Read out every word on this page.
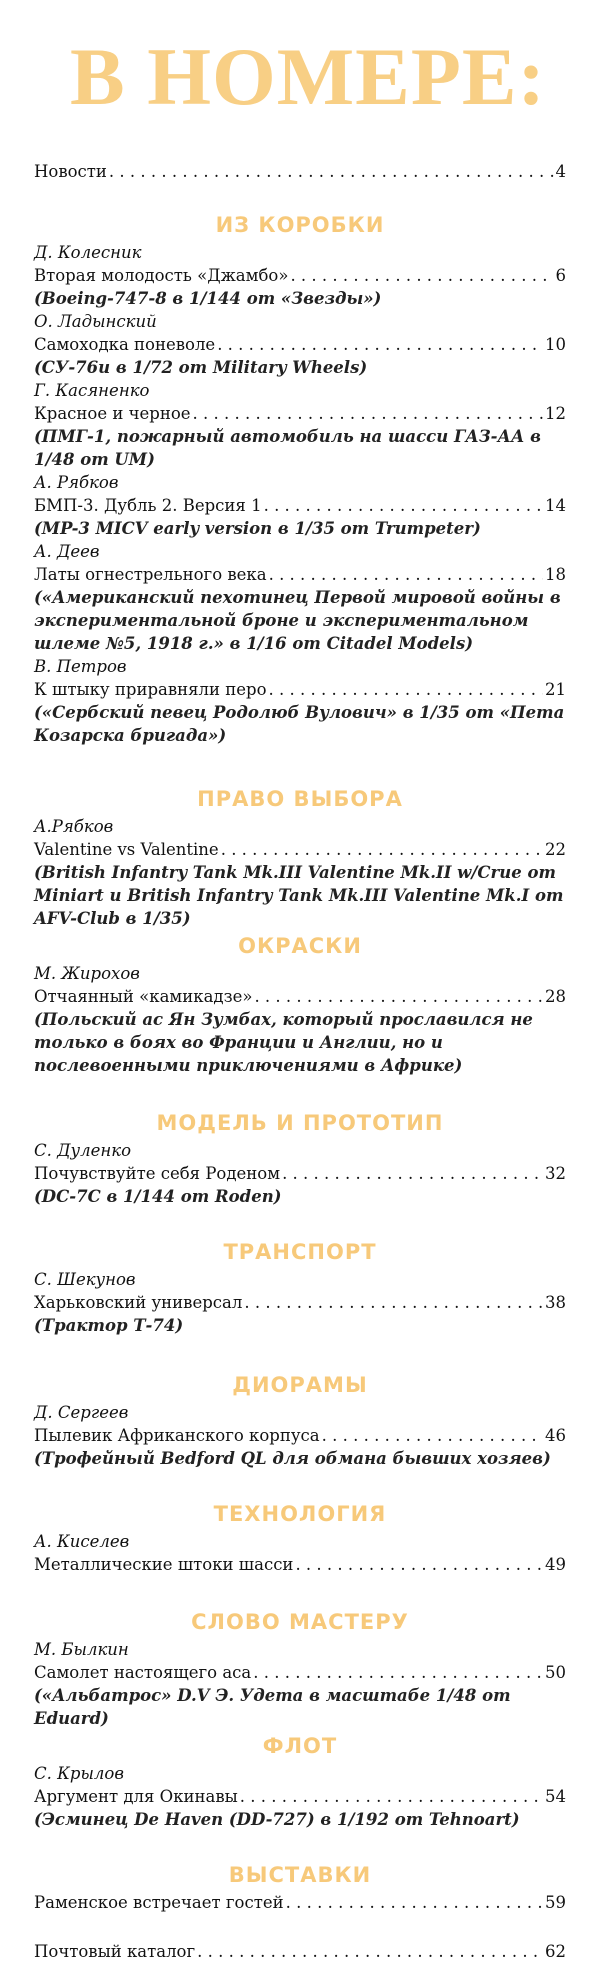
В НОМЕРЕ:
Новости . . .	4
ИЗ КОРОБКИ
Д. Колесник
Вторая молодость «Джамбо» . . .	6
(Boeing-747-8 в 1/144 от «Звезды»)
О. Ладынский
Самоходка поневоле . . .	10
(СУ-76и в 1/72 от Military Wheels)
Г. Касяненко
Красное и черное . . .	12
(ПМГ-1, пожарный автомобиль на шасси ГАЗ-АА в 1/48 от UM)
А. Рябков
БМП-3. Дубль 2. Версия 1 . . .	14
(MP-3 MICV early version в 1/35 от Trumpeter)
А. Деев
Латы огнестрельного века . . .	18
(«Американский пехотинец Первой мировой войны в экспериментальной броне и экспериментальном шлеме №5, 1918 г.» в 1/16 от Citadel Models)
В. Петров
К штыку приравняли перо . . .	21
(«Сербский певец Родолюб Вулович» в 1/35 от «Пета Козарска бригада»)
ПРАВО ВЫБОРА
А.Рябков
Valentine vs Valentine . . .	22
(British Infantry Tank Mk.III Valentine Mk.II w/Crue от Miniart и British Infantry Tank Mk.III Valentine Mk.I от AFV-Club в 1/35)
ОКРАСКИ
М. Жирохов
Отчаянный «камикадзе» . . .	28
(Польский ас Ян Зумбах, который прославился не только в боях во Франции и Англии, но и послевоенными приключениями в Африке)
МОДЕЛЬ И ПРОТОТИП
С. Дуленко
Почувствуйте себя Роденом . . .	32
(DC-7C в 1/144 от Roden)
ТРАНСПОРТ
С. Шекунов
Харьковский универсал . . .	38
(Трактор Т-74)
ДИОРАМЫ
Д. Сергеев
Пылевик Африканского корпуса . . .	46
(Трофейный Bedford QL для обмана бывших хозяев)
ТЕХНОЛОГИЯ
А. Киселев
Металлические штоки шасси . . .	49
СЛОВО МАСТЕРУ
М. Былкин
Самолет настоящего аса . . .	50
(«Альбатрос» D.V Э. Удета в масштабе 1/48 от Eduard)
ФЛОТ
С. Крылов
Аргумент для Окинавы . . .	54
(Эсминец De Haven (DD-727) в 1/192 от Tehnoart)
ВЫСТАВКИ
Раменское встречает гостей . . .	59
Почтовый каталог . . .	62
